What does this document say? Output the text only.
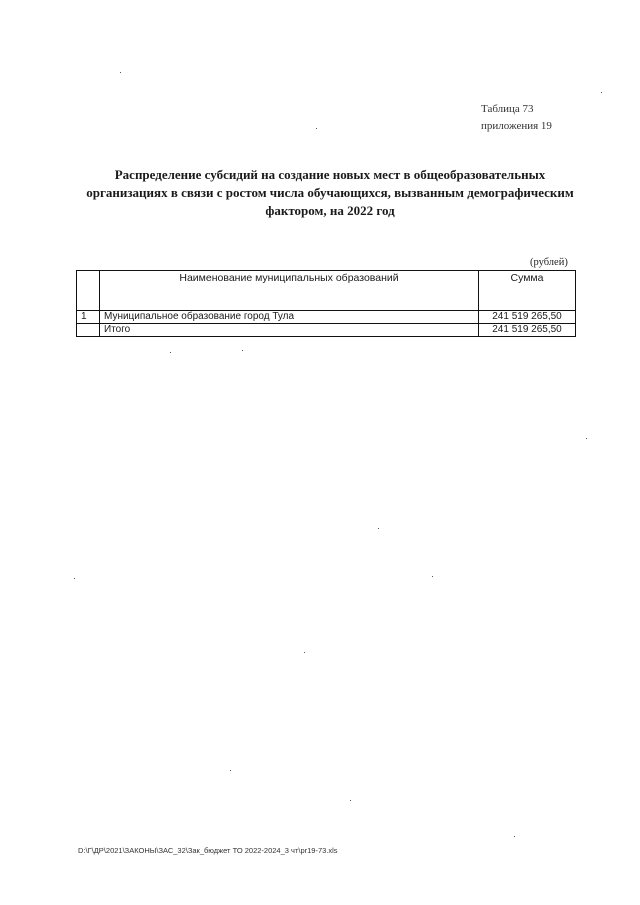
Таблица 73
приложения 19
Распределение субсидий на создание новых мест в общеобразовательных
организациях в связи с ростом числа обучающихся, вызванным демографическим
фактором, на 2022 год
(рублей)
	Наименование муниципальных образований	Сумма
1	Муниципальное образование город Тула	241 519 265,50
	Итого	241 519 265,50
D:\Г\ДР\2021\ЗАКОНЫ\ЗАС_32\Зак_бюджет ТО 2022-2024_3 чт\pr19-73.xls
